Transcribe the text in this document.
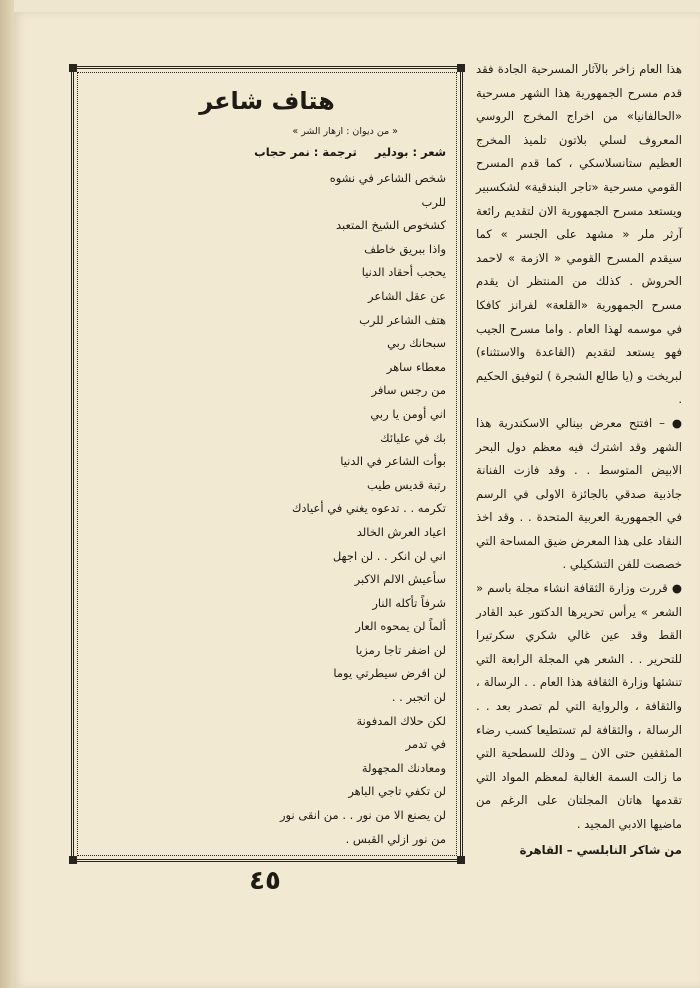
هتاف شاعر
« من ديوان : ازهار الشر »
شعر : بودلير ترجمة : نمر حجاب
شخص الشاعر في نشوه
للرب
كشخوص الشيخ المتعبد
واذا ببريق خاطف
يحجب أحقاد الدنيا
عن عقل الشاعر
هتف الشاعر للرب
سبحانك ربي
معطاء ساهر
من رجس سافر
اني أومن يا ربي
بك في عليائك
بوأت الشاعر في الدنيا
رتبة قديس طيب
تكرمه . . تدعوه يغني في أعيادك
اعياد العرش الخالد
اني لن انكر . . لن اجهل
سأعيش الالم الاكبر
شرفاً تأكله النار
ألماً لن يمحوه العار
لن اضفر تاجا رمزيا
لن افرض سيطرتي يوما
لن اتجبر . .
لكن حلاك المدفونة
في تدمر
ومعادنك المجهولة
لن تكفي تاجي الباهر
لن يصنع الا من نور . . من انقى نور
من نور ازلي القبس .

هذا العام زاخر بالآثار المسرحية الجادة فقد قدم مسرح الجمهورية هذا الشهر مسرحية «الحالفانيا» من اخراج المخرج الروسي المعروف لسلي بلاتون تلميذ المخرج العظيم ستانسلاسكي ، كما قدم المسرح القومي مسرحية «تاجر البندقية» لشكسبير ويستعد مسرح الجمهورية الان لتقديم رائعة آرثر ملر « مشهد على الجسر » كما سيقدم المسرح القومي « الازمة » لاحمد الحروش . كذلك من المنتظر ان يقدم مسرح الجمهورية «القلعة» لفرانز كافكا في موسمه لهذا العام . واما مسرح الجيب فهو يستعد لتقديم (القاعدة والاستثناء) لبريخت و (يا طالع الشجرة ) لتوفيق الحكيم .

● – افتتح معرض بينالي الاسكندرية هذا الشهر وقد اشترك فيه معظم دول البحر الابيض المتوسط . . وقد فازت الفنانة جاذبية صدقي بالجائزة الاولى في الرسم في الجمهورية العربية المتحدة . . وقد اخذ النقاد على هذا المعرض ضيق المساحة التي خصصت للفن التشكيلي .

● قررت وزارة الثقافة انشاء مجلة باسم « الشعر » يرأس تحريرها الدكتور عبد القادر القط وقد عين غالي شكري سكرتيرا للتحرير . . الشعر هي المجلة الرابعة التي تنشئها وزارة الثقافة هذا العام . . الرسالة ، والثقافة ، والرواية التي لم تصدر بعد . . الرسالة ، والثقافة لم تستطيعا كسب رضاء المثقفين حتى الان _ وذلك للسطحية التي ما زالت السمة الغالبة لمعظم المواد التي تقدمها هاتان المجلتان على الرغم من ماضيها الادبي المجيد .

من شاكر النابلسي – القاهرة
٤٥
